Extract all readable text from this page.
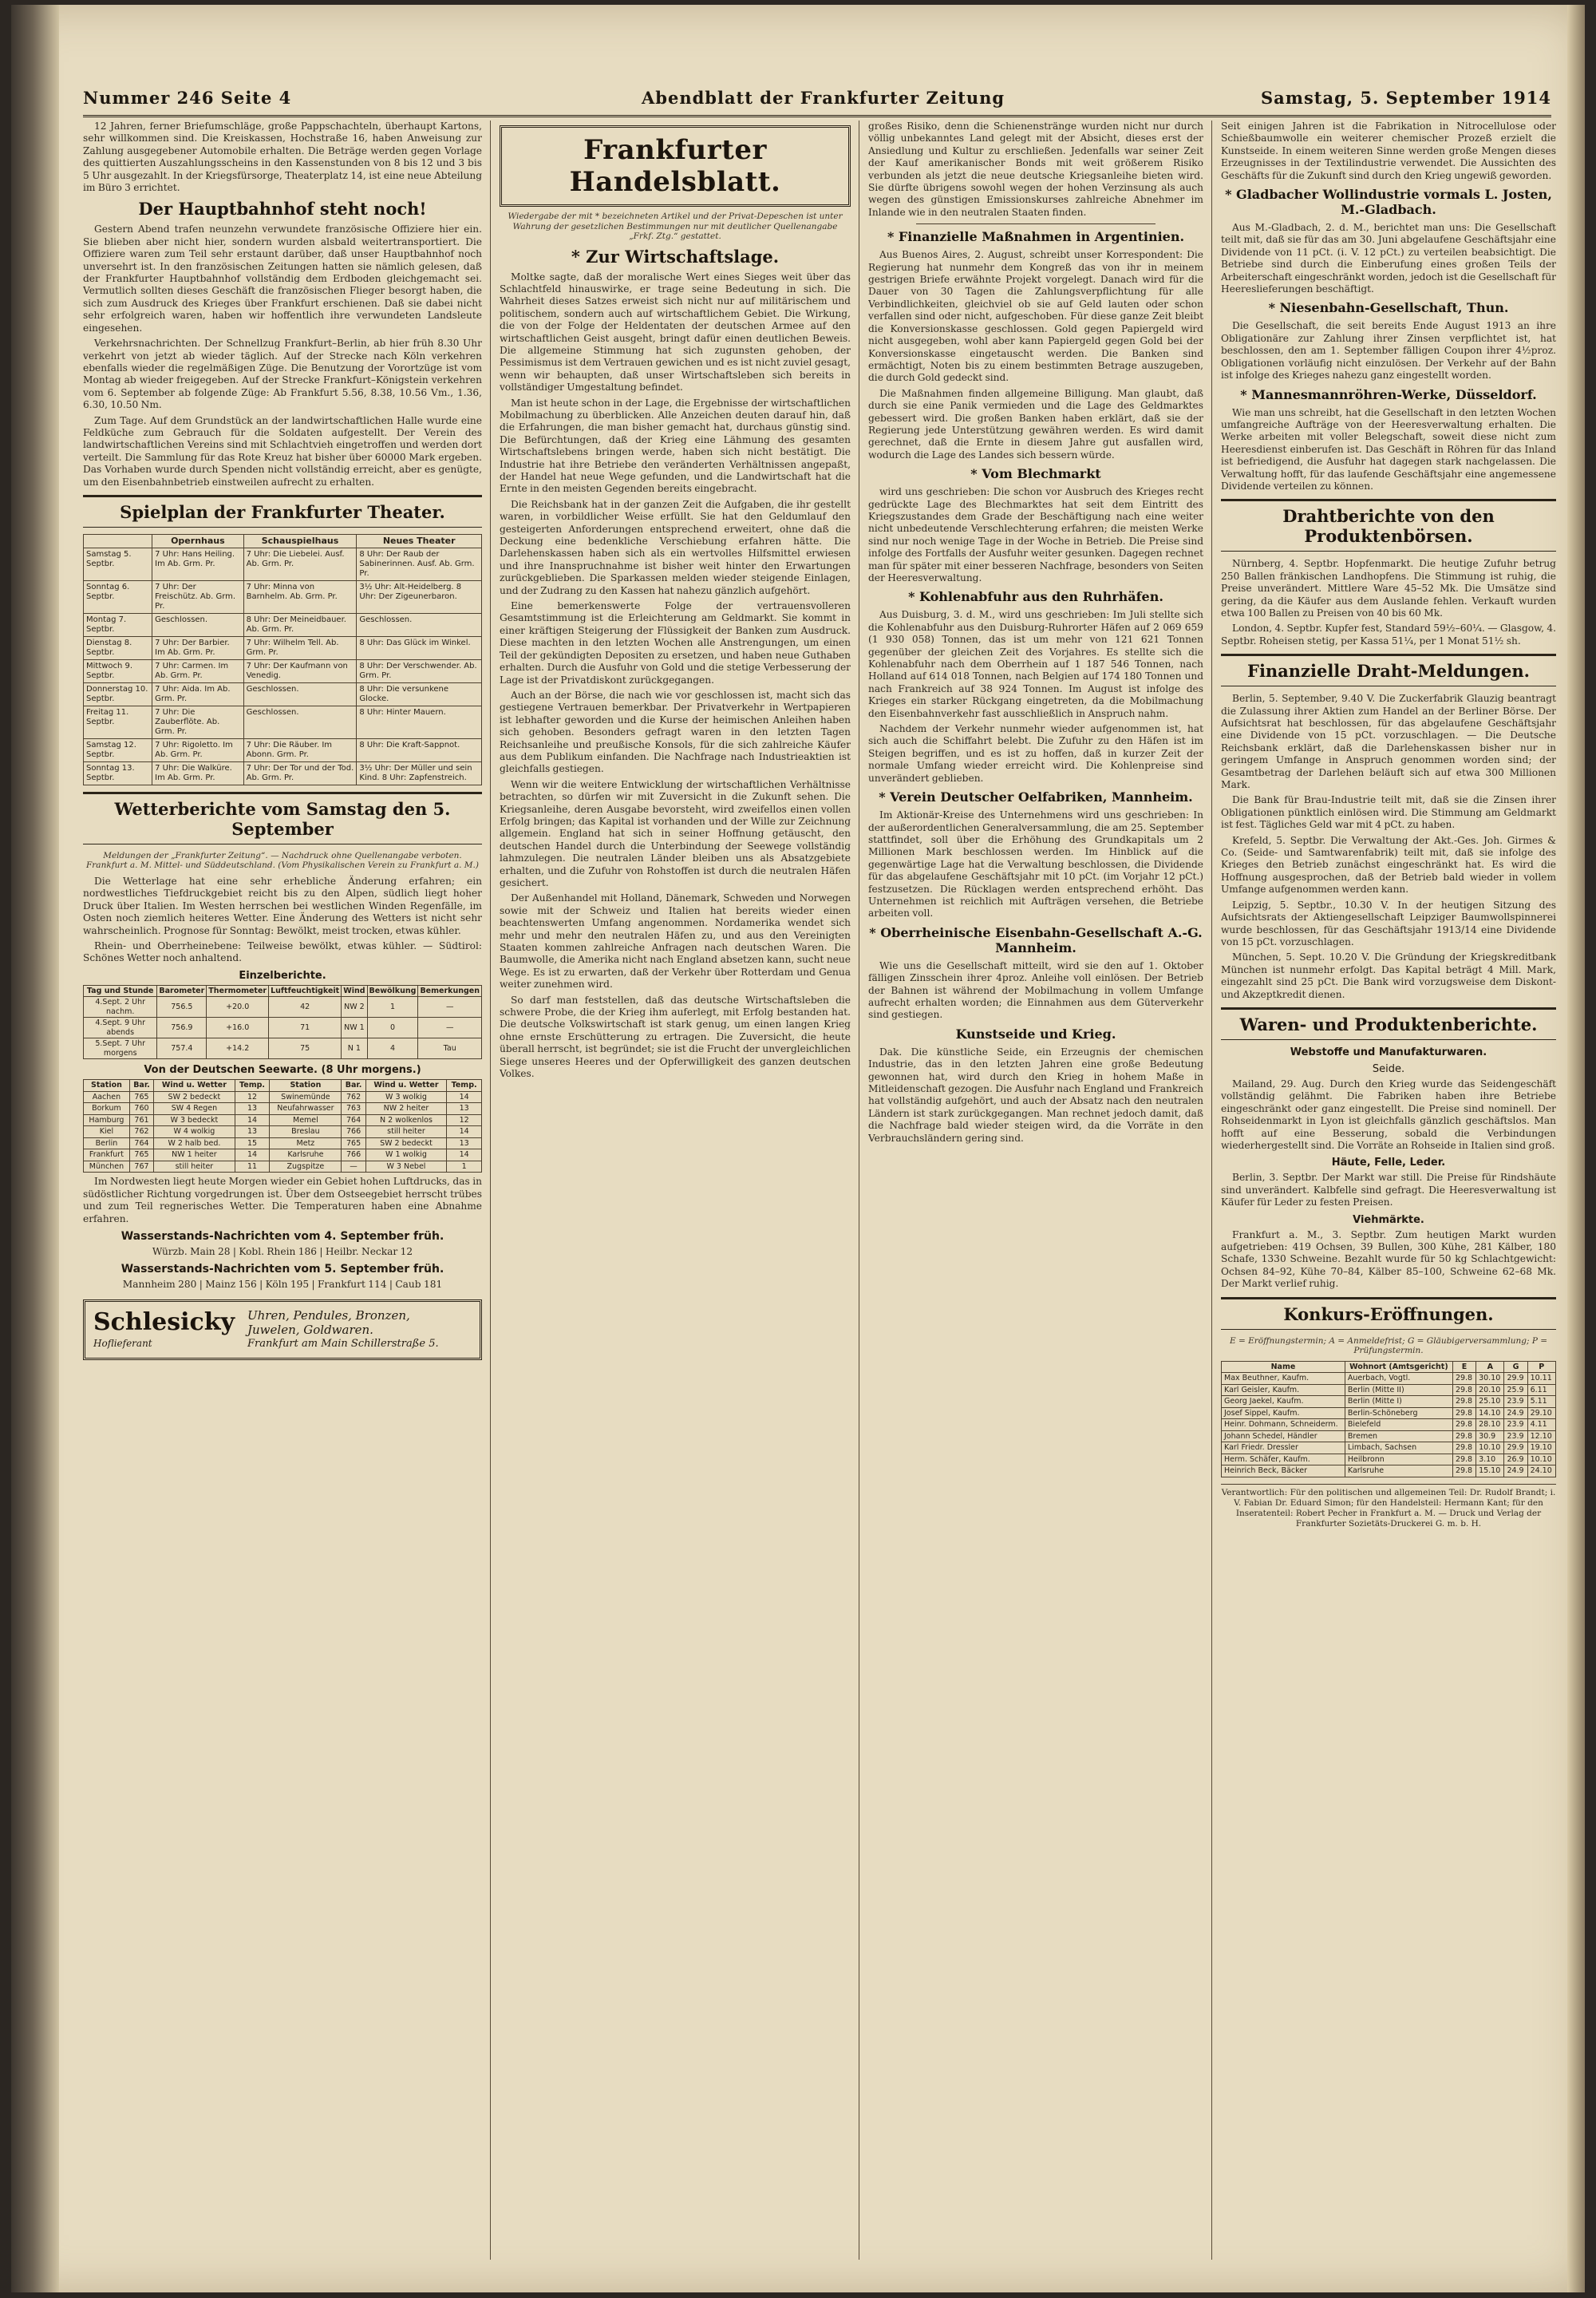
Nummer 246 Seite 4	Abendblatt der Frankfurter Zeitung	Samstag, 5. September 1914

12 Jahren, ferner Briefumschläge, große Pappschachteln, überhaupt Kartons, sehr willkommen sind. Die Kreiskassen, Hochstraße 16, haben Anweisung zur Zahlung ausgegebener Automobile erhalten. Die Beträge werden gegen Vorlage des quittierten Auszahlungsscheins in den Kassenstunden von 8 bis 12 und 3 bis 5 Uhr ausgezahlt. In der Kriegsfürsorge, Theaterplatz 14, ist eine neue Abteilung im Büro 3 errichtet.

Der Hauptbahnhof steht noch!

Gestern Abend trafen neunzehn verwundete französische Offiziere hier ein. Sie blieben aber nicht hier, sondern wurden alsbald weitertransportiert. Die Offiziere waren zum Teil sehr erstaunt darüber, daß unser Hauptbahnhof noch unversehrt ist. In den französischen Zeitungen hatten sie nämlich gelesen, daß der Frankfurter Hauptbahnhof vollständig dem Erdboden gleichgemacht sei. Vermutlich sollten dieses Geschäft die französischen Flieger besorgt haben, die sich zum Ausdruck des Krieges über Frankfurt erschienen. Daß sie dabei nicht sehr erfolgreich waren, haben wir hoffentlich ihre verwundeten Landsleute eingesehen.

Verkehrsnachrichten. Der Schnellzug Frankfurt–Berlin, ab hier früh 8.30 Uhr verkehrt von jetzt ab wieder täglich. Auf der Strecke nach Köln verkehren ebenfalls wieder die regelmäßigen Züge. Die Benutzung der Vorortzüge ist vom Montag ab wieder freigegeben. Auf der Strecke Frankfurt–Königstein verkehren vom 6. September ab folgende Züge: Ab Frankfurt 5.56, 8.38, 10.56 Vm., 1.36, 6.30, 10.50 Nm.

Zum Tage. Auf dem Grundstück an der landwirtschaftlichen Halle wurde eine Feldküche zum Gebrauch für die Soldaten aufgestellt. Der Verein des landwirtschaftlichen Vereins sind mit Schlachtvieh eingetroffen und werden dort verteilt. Die Sammlung für das Rote Kreuz hat bisher über 60000 Mark ergeben. Das Vorhaben wurde durch Spenden nicht vollständig erreicht, aber es genügte, um den Eisenbahnbetrieb einstweilen aufrecht zu erhalten.

Spielplan der Frankfurter Theater.
	Opernhaus	Schauspielhaus	Neues Theater
Samstag 5. Septbr.	7 Uhr: Hans Heiling. Im Ab. Grm. Pr.	7 Uhr: Die Liebelei. Ausf. Ab. Grm. Pr.	8 Uhr: Der Raub der Sabinerinnen. Ausf. Ab. Grm. Pr.
Sonntag 6. Septbr.	7 Uhr: Der Freischütz. Ab. Grm. Pr.	7 Uhr: Minna von Barnhelm. Ab. Grm. Pr.	3½ Uhr: Alt-Heidelberg. 8 Uhr: Der Zigeunerbaron.
Montag 7. Septbr.	Geschlossen.	8 Uhr: Der Meineidbauer. Ab. Grm. Pr.	Geschlossen.
Dienstag 8. Septbr.	7 Uhr: Der Barbier. Im Ab. Grm. Pr.	7 Uhr: Wilhelm Tell. Ab. Grm. Pr.	8 Uhr: Das Glück im Winkel.
Mittwoch 9. Septbr.	7 Uhr: Carmen. Im Ab. Grm. Pr.	7 Uhr: Der Kaufmann von Venedig.	8 Uhr: Der Verschwender. Ab. Grm. Pr.
Donnerstag 10. Septbr.	7 Uhr: Aida. Im Ab. Grm. Pr.	Geschlossen.	8 Uhr: Die versunkene Glocke.
Freitag 11. Septbr.	7 Uhr: Die Zauberflöte. Ab. Grm. Pr.	Geschlossen.	8 Uhr: Hinter Mauern.
Samstag 12. Septbr.	7 Uhr: Rigoletto. Im Ab. Grm. Pr.	7 Uhr: Die Räuber. Im Abonn. Grm. Pr.	8 Uhr: Die Kraft-Sappnot.
Sonntag 13. Septbr.	7 Uhr: Die Walküre. Im Ab. Grm. Pr.	7 Uhr: Der Tor und der Tod. Ab. Grm. Pr.	3½ Uhr: Der Müller und sein Kind. 8 Uhr: Zapfenstreich.
Wetterberichte vom Samstag den 5. September

Meldungen der „Frankfurter Zeitung“. — Nachdruck ohne Quellenangabe verboten. Frankfurt a. M. Mittel- und Süddeutschland. (Vom Physikalischen Verein zu Frankfurt a. M.)

Die Wetterlage hat eine sehr erhebliche Änderung erfahren; ein nordwestliches Tiefdruckgebiet reicht bis zu den Alpen, südlich liegt hoher Druck über Italien. Im Westen herrschen bei westlichen Winden Regenfälle, im Osten noch ziemlich heiteres Wetter. Eine Änderung des Wetters ist nicht sehr wahrscheinlich. Prognose für Sonntag: Bewölkt, meist trocken, etwas kühler.

Rhein- und Oberrheinebene: Teilweise bewölkt, etwas kühler. — Südtirol: Schönes Wetter noch anhaltend.

Einzelberichte.
Tag und Stunde	Barometer	Thermometer	Luftfeuchtigkeit	Wind	Bewölkung	Bemerkungen
4.Sept. 2 Uhr nachm.	756.5	+20.0	42	NW 2	1	—
4.Sept. 9 Uhr abends	756.9	+16.0	71	NW 1	0	—
5.Sept. 7 Uhr morgens	757.4	+14.2	75	N 1	4	Tau
Von der Deutschen Seewarte. (8 Uhr morgens.)
Station	Bar.	Wind u. Wetter	Temp.	Station	Bar.	Wind u. Wetter	Temp.
Aachen	765	SW 2 bedeckt	12	Swinemünde	762	W 3 wolkig	14
Borkum	760	SW 4 Regen	13	Neufahrwasser	763	NW 2 heiter	13
Hamburg	761	W 3 bedeckt	14	Memel	764	N 2 wolkenlos	12
Kiel	762	W 4 wolkig	13	Breslau	766	still heiter	14
Berlin	764	W 2 halb bed.	15	Metz	765	SW 2 bedeckt	13
Frankfurt	765	NW 1 heiter	14	Karlsruhe	766	W 1 wolkig	14
München	767	still heiter	11	Zugspitze	—	W 3 Nebel	1

Im Nordwesten liegt heute Morgen wieder ein Gebiet hohen Luftdrucks, das in südöstlicher Richtung vorgedrungen ist. Über dem Ostseegebiet herrscht trübes und zum Teil regnerisches Wetter. Die Temperaturen haben eine Abnahme erfahren.

Wasserstands-Nachrichten vom 4. September früh.

Würzb. Main 28 | Kobl. Rhein 186 | Heilbr. Neckar 12

Wasserstands-Nachrichten vom 5. September früh.

Mannheim 280 | Mainz 156 | Köln 195 | Frankfurt 114 | Caub 181

Schlesicky
Hoflieferant
Uhren, Pendules, Bronzen,
Juwelen, Goldwaren.
Frankfurt am Main Schillerstraße 5.
Frankfurter Handelsblatt.

Wiedergabe der mit * bezeichneten Artikel und der Privat-Depeschen ist unter Wahrung der gesetzlichen Bestimmungen nur mit deutlicher Quellenangabe „Frkf. Ztg.“ gestattet.

* Zur Wirtschaftslage.

Moltke sagte, daß der moralische Wert eines Sieges weit über das Schlachtfeld hinauswirke, er trage seine Bedeutung in sich. Die Wahrheit dieses Satzes erweist sich nicht nur auf militärischem und politischem, sondern auch auf wirtschaftlichem Gebiet. Die Wirkung, die von der Folge der Heldentaten der deutschen Armee auf den wirtschaftlichen Geist ausgeht, bringt dafür einen deutlichen Beweis. Die allgemeine Stimmung hat sich zugunsten gehoben, der Pessimismus ist dem Vertrauen gewichen und es ist nicht zuviel gesagt, wenn wir behaupten, daß unser Wirtschaftsleben sich bereits in vollständiger Umgestaltung befindet.

Man ist heute schon in der Lage, die Ergebnisse der wirtschaftlichen Mobilmachung zu überblicken. Alle Anzeichen deuten darauf hin, daß die Erfahrungen, die man bisher gemacht hat, durchaus günstig sind. Die Befürchtungen, daß der Krieg eine Lähmung des gesamten Wirtschaftslebens bringen werde, haben sich nicht bestätigt. Die Industrie hat ihre Betriebe den veränderten Verhältnissen angepaßt, der Handel hat neue Wege gefunden, und die Landwirtschaft hat die Ernte in den meisten Gegenden bereits eingebracht.

Die Reichsbank hat in der ganzen Zeit die Aufgaben, die ihr gestellt waren, in vorbildlicher Weise erfüllt. Sie hat den Geldumlauf den gesteigerten Anforderungen entsprechend erweitert, ohne daß die Deckung eine bedenkliche Verschiebung erfahren hätte. Die Darlehenskassen haben sich als ein wertvolles Hilfsmittel erwiesen und ihre Inanspruchnahme ist bisher weit hinter den Erwartungen zurückgeblieben. Die Sparkassen melden wieder steigende Einlagen, und der Zudrang zu den Kassen hat nahezu gänzlich aufgehört.

Eine bemerkenswerte Folge der vertrauensvolleren Gesamtstimmung ist die Erleichterung am Geldmarkt. Sie kommt in einer kräftigen Steigerung der Flüssigkeit der Banken zum Ausdruck. Diese machten in den letzten Wochen alle Anstrengungen, um einen Teil der gekündigten Depositen zu ersetzen, und haben neue Guthaben erhalten. Durch die Ausfuhr von Gold und die stetige Verbesserung der Lage ist der Privatdiskont zurückgegangen.

Auch an der Börse, die nach wie vor geschlossen ist, macht sich das gestiegene Vertrauen bemerkbar. Der Privatverkehr in Wertpapieren ist lebhafter geworden und die Kurse der heimischen Anleihen haben sich gehoben. Besonders gefragt waren in den letzten Tagen Reichsanleihe und preußische Konsols, für die sich zahlreiche Käufer aus dem Publikum einfanden. Die Nachfrage nach Industrieaktien ist gleichfalls gestiegen.

Wenn wir die weitere Entwicklung der wirtschaftlichen Verhältnisse betrachten, so dürfen wir mit Zuversicht in die Zukunft sehen. Die Kriegsanleihe, deren Ausgabe bevorsteht, wird zweifellos einen vollen Erfolg bringen; das Kapital ist vorhanden und der Wille zur Zeichnung allgemein. England hat sich in seiner Hoffnung getäuscht, den deutschen Handel durch die Unterbindung der Seewege vollständig lahmzulegen. Die neutralen Länder bleiben uns als Absatzgebiete erhalten, und die Zufuhr von Rohstoffen ist durch die neutralen Häfen gesichert.

Der Außenhandel mit Holland, Dänemark, Schweden und Norwegen sowie mit der Schweiz und Italien hat bereits wieder einen beachtenswerten Umfang angenommen. Nordamerika wendet sich mehr und mehr den neutralen Häfen zu, und aus den Vereinigten Staaten kommen zahlreiche Anfragen nach deutschen Waren. Die Baumwolle, die Amerika nicht nach England absetzen kann, sucht neue Wege. Es ist zu erwarten, daß der Verkehr über Rotterdam und Genua weiter zunehmen wird.

So darf man feststellen, daß das deutsche Wirtschaftsleben die schwere Probe, die der Krieg ihm auferlegt, mit Erfolg bestanden hat. Die deutsche Volkswirtschaft ist stark genug, um einen langen Krieg ohne ernste Erschütterung zu ertragen. Die Zuversicht, die heute überall herrscht, ist begründet; sie ist die Frucht der unvergleichlichen Siege unseres Heeres und der Opferwilligkeit des ganzen deutschen Volkes.

großes Risiko, denn die Schienenstränge wurden nicht nur durch völlig unbekanntes Land gelegt mit der Absicht, dieses erst der Ansiedlung und Kultur zu erschließen. Jedenfalls war seiner Zeit der Kauf amerikanischer Bonds mit weit größerem Risiko verbunden als jetzt die neue deutsche Kriegsanleihe bieten wird. Sie dürfte übrigens sowohl wegen der hohen Verzinsung als auch wegen des günstigen Emissionskurses zahlreiche Abnehmer im Inlande wie in den neutralen Staaten finden.

* Finanzielle Maßnahmen in Argentinien.

Aus Buenos Aires, 2. August, schreibt unser Korrespondent: Die Regierung hat nunmehr dem Kongreß das von ihr in meinem gestrigen Briefe erwähnte Projekt vorgelegt. Danach wird für die Dauer von 30 Tagen die Zahlungsverpflichtung für alle Verbindlichkeiten, gleichviel ob sie auf Geld lauten oder schon verfallen sind oder nicht, aufgeschoben. Für diese ganze Zeit bleibt die Konversionskasse geschlossen. Gold gegen Papiergeld wird nicht ausgegeben, wohl aber kann Papiergeld gegen Gold bei der Konversionskasse eingetauscht werden. Die Banken sind ermächtigt, Noten bis zu einem bestimmten Betrage auszugeben, die durch Gold gedeckt sind.

Die Maßnahmen finden allgemeine Billigung. Man glaubt, daß durch sie eine Panik vermieden und die Lage des Geldmarktes gebessert wird. Die großen Banken haben erklärt, daß sie der Regierung jede Unterstützung gewähren werden. Es wird damit gerechnet, daß die Ernte in diesem Jahre gut ausfallen wird, wodurch die Lage des Landes sich bessern würde.

* Vom Blechmarkt

wird uns geschrieben: Die schon vor Ausbruch des Krieges recht gedrückte Lage des Blechmarktes hat seit dem Eintritt des Kriegszustandes dem Grade der Beschäftigung nach eine weiter nicht unbedeutende Verschlechterung erfahren; die meisten Werke sind nur noch wenige Tage in der Woche in Betrieb. Die Preise sind infolge des Fortfalls der Ausfuhr weiter gesunken. Dagegen rechnet man für später mit einer besseren Nachfrage, besonders von Seiten der Heeresverwaltung.

* Kohlenabfuhr aus den Ruhrhäfen.

Aus Duisburg, 3. d. M., wird uns geschrieben: Im Juli stellte sich die Kohlenabfuhr aus den Duisburg-Ruhrorter Häfen auf 2 069 659 (1 930 058) Tonnen, das ist um mehr von 121 621 Tonnen gegenüber der gleichen Zeit des Vorjahres. Es stellte sich die Kohlenabfuhr nach dem Oberrhein auf 1 187 546 Tonnen, nach Holland auf 614 018 Tonnen, nach Belgien auf 174 180 Tonnen und nach Frankreich auf 38 924 Tonnen. Im August ist infolge des Krieges ein starker Rückgang eingetreten, da die Mobilmachung den Eisenbahnverkehr fast ausschließlich in Anspruch nahm.

Nachdem der Verkehr nunmehr wieder aufgenommen ist, hat sich auch die Schiffahrt belebt. Die Zufuhr zu den Häfen ist im Steigen begriffen, und es ist zu hoffen, daß in kurzer Zeit der normale Umfang wieder erreicht wird. Die Kohlenpreise sind unverändert geblieben.

* Verein Deutscher Oelfabriken, Mannheim.

Im Aktionär-Kreise des Unternehmens wird uns geschrieben: In der außerordentlichen Generalversammlung, die am 25. September stattfindet, soll über die Erhöhung des Grundkapitals um 2 Millionen Mark beschlossen werden. Im Hinblick auf die gegenwärtige Lage hat die Verwaltung beschlossen, die Dividende für das abgelaufene Geschäftsjahr mit 10 pCt. (im Vorjahr 12 pCt.) festzusetzen. Die Rücklagen werden entsprechend erhöht. Das Unternehmen ist reichlich mit Aufträgen versehen, die Betriebe arbeiten voll.

* Oberrheinische Eisenbahn-Gesellschaft A.-G. Mannheim.

Wie uns die Gesellschaft mitteilt, wird sie den auf 1. Oktober fälligen Zinsschein ihrer 4proz. Anleihe voll einlösen. Der Betrieb der Bahnen ist während der Mobilmachung in vollem Umfange aufrecht erhalten worden; die Einnahmen aus dem Güterverkehr sind gestiegen.

Kunstseide und Krieg.

Dak. Die künstliche Seide, ein Erzeugnis der chemischen Industrie, das in den letzten Jahren eine große Bedeutung gewonnen hat, wird durch den Krieg in hohem Maße in Mitleidenschaft gezogen. Die Ausfuhr nach England und Frankreich hat vollständig aufgehört, und auch der Absatz nach den neutralen Ländern ist stark zurückgegangen. Man rechnet jedoch damit, daß die Nachfrage bald wieder steigen wird, da die Vorräte in den Verbrauchsländern gering sind.

Seit einigen Jahren ist die Fabrikation in Nitrocellulose oder Schießbaumwolle ein weiterer chemischer Prozeß erzielt die Kunstseide. In einem weiteren Sinne werden große Mengen dieses Erzeugnisses in der Textilindustrie verwendet. Die Aussichten des Geschäfts für die Zukunft sind durch den Krieg ungewiß geworden.

* Gladbacher Wollindustrie vormals L. Josten, M.-Gladbach.

Aus M.-Gladbach, 2. d. M., berichtet man uns: Die Gesellschaft teilt mit, daß sie für das am 30. Juni abgelaufene Geschäftsjahr eine Dividende von 11 pCt. (i. V. 12 pCt.) zu verteilen beabsichtigt. Die Betriebe sind durch die Einberufung eines großen Teils der Arbeiterschaft eingeschränkt worden, jedoch ist die Gesellschaft für Heereslieferungen beschäftigt.

* Niesenbahn-Gesellschaft, Thun.

Die Gesellschaft, die seit bereits Ende August 1913 an ihre Obligationäre zur Zahlung ihrer Zinsen verpflichtet ist, hat beschlossen, den am 1. September fälligen Coupon ihrer 4½proz. Obligationen vorläufig nicht einzulösen. Der Verkehr auf der Bahn ist infolge des Krieges nahezu ganz eingestellt worden.

* Mannesmannröhren-Werke, Düsseldorf.

Wie man uns schreibt, hat die Gesellschaft in den letzten Wochen umfangreiche Aufträge von der Heeresverwaltung erhalten. Die Werke arbeiten mit voller Belegschaft, soweit diese nicht zum Heeresdienst einberufen ist. Das Geschäft in Röhren für das Inland ist befriedigend, die Ausfuhr hat dagegen stark nachgelassen. Die Verwaltung hofft, für das laufende Geschäftsjahr eine angemessene Dividende verteilen zu können.

Drahtberichte von den Produktenbörsen.

Nürnberg, 4. Septbr. Hopfenmarkt. Die heutige Zufuhr betrug 250 Ballen fränkischen Landhopfens. Die Stimmung ist ruhig, die Preise unverändert. Mittlere Ware 45–52 Mk. Die Umsätze sind gering, da die Käufer aus dem Auslande fehlen. Verkauft wurden etwa 100 Ballen zu Preisen von 40 bis 60 Mk.

London, 4. Septbr. Kupfer fest, Standard 59½–60¼. — Glasgow, 4. Septbr. Roheisen stetig, per Kassa 51¼, per 1 Monat 51½ sh.

Finanzielle Draht-Meldungen.

Berlin, 5. September, 9.40 V. Die Zuckerfabrik Glauzig beantragt die Zulassung ihrer Aktien zum Handel an der Berliner Börse. Der Aufsichtsrat hat beschlossen, für das abgelaufene Geschäftsjahr eine Dividende von 15 pCt. vorzuschlagen. — Die Deutsche Reichsbank erklärt, daß die Darlehenskassen bisher nur in geringem Umfange in Anspruch genommen worden sind; der Gesamtbetrag der Darlehen beläuft sich auf etwa 300 Millionen Mark.

Die Bank für Brau-Industrie teilt mit, daß sie die Zinsen ihrer Obligationen pünktlich einlösen wird. Die Stimmung am Geldmarkt ist fest. Tägliches Geld war mit 4 pCt. zu haben.

Krefeld, 5. Septbr. Die Verwaltung der Akt.-Ges. Joh. Girmes & Co. (Seide- und Samtwarenfabrik) teilt mit, daß sie infolge des Krieges den Betrieb zunächst eingeschränkt hat. Es wird die Hoffnung ausgesprochen, daß der Betrieb bald wieder in vollem Umfange aufgenommen werden kann.

Leipzig, 5. Septbr., 10.30 V. In der heutigen Sitzung des Aufsichtsrats der Aktiengesellschaft Leipziger Baumwollspinnerei wurde beschlossen, für das Geschäftsjahr 1913/14 eine Dividende von 15 pCt. vorzuschlagen.

München, 5. Sept. 10.20 V. Die Gründung der Kriegskreditbank München ist nunmehr erfolgt. Das Kapital beträgt 4 Mill. Mark, eingezahlt sind 25 pCt. Die Bank wird vorzugsweise dem Diskont- und Akzeptkredit dienen.

Waren- und Produktenberichte.
Webstoffe und Manufakturwaren.
Seide.

Mailand, 29. Aug. Durch den Krieg wurde das Seidengeschäft vollständig gelähmt. Die Fabriken haben ihre Betriebe eingeschränkt oder ganz eingestellt. Die Preise sind nominell. Der Rohseidenmarkt in Lyon ist gleichfalls gänzlich geschäftslos. Man hofft auf eine Besserung, sobald die Verbindungen wiederhergestellt sind. Die Vorräte an Rohseide in Italien sind groß.

Häute, Felle, Leder.

Berlin, 3. Septbr. Der Markt war still. Die Preise für Rindshäute sind unverändert. Kalbfelle sind gefragt. Die Heeresverwaltung ist Käufer für Leder zu festen Preisen.

Viehmärkte.

Frankfurt a. M., 3. Septbr. Zum heutigen Markt wurden aufgetrieben: 419 Ochsen, 39 Bullen, 300 Kühe, 281 Kälber, 180 Schafe, 1330 Schweine. Bezahlt wurde für 50 kg Schlachtgewicht: Ochsen 84–92, Kühe 70–84, Kälber 85–100, Schweine 62–68 Mk. Der Markt verlief ruhig.

Konkurs-Eröffnungen.

E = Eröffnungstermin; A = Anmeldefrist; G = Gläubigerversammlung; P = Prüfungstermin.

Name	Wohnort (Amtsgericht)	E	A	G	P
Max Beuthner, Kaufm.	Auerbach, Vogtl.	29.8	30.10	29.9	10.11
Karl Geisler, Kaufm.	Berlin (Mitte II)	29.8	20.10	25.9	6.11
Georg Jaekel, Kaufm.	Berlin (Mitte I)	29.8	25.10	23.9	5.11
Josef Sippel, Kaufm.	Berlin-Schöneberg	29.8	14.10	24.9	29.10
Heinr. Dohmann, Schneiderm.	Bielefeld	29.8	28.10	23.9	4.11
Johann Schedel, Händler	Bremen	29.8	30.9	23.9	12.10
Karl Friedr. Dressler	Limbach, Sachsen	29.8	10.10	29.9	19.10
Herm. Schäfer, Kaufm.	Heilbronn	29.8	3.10	26.9	10.10
Heinrich Beck, Bäcker	Karlsruhe	29.8	15.10	24.9	24.10

Verantwortlich: Für den politischen und allgemeinen Teil: Dr. Rudolf Brandt; i. V. Fabian Dr. Eduard Simon; für den Handelsteil: Hermann Kant; für den Inseratenteil: Robert Pecher in Frankfurt a. M. — Druck und Verlag der Frankfurter Sozietäts-Druckerei G. m. b. H.
